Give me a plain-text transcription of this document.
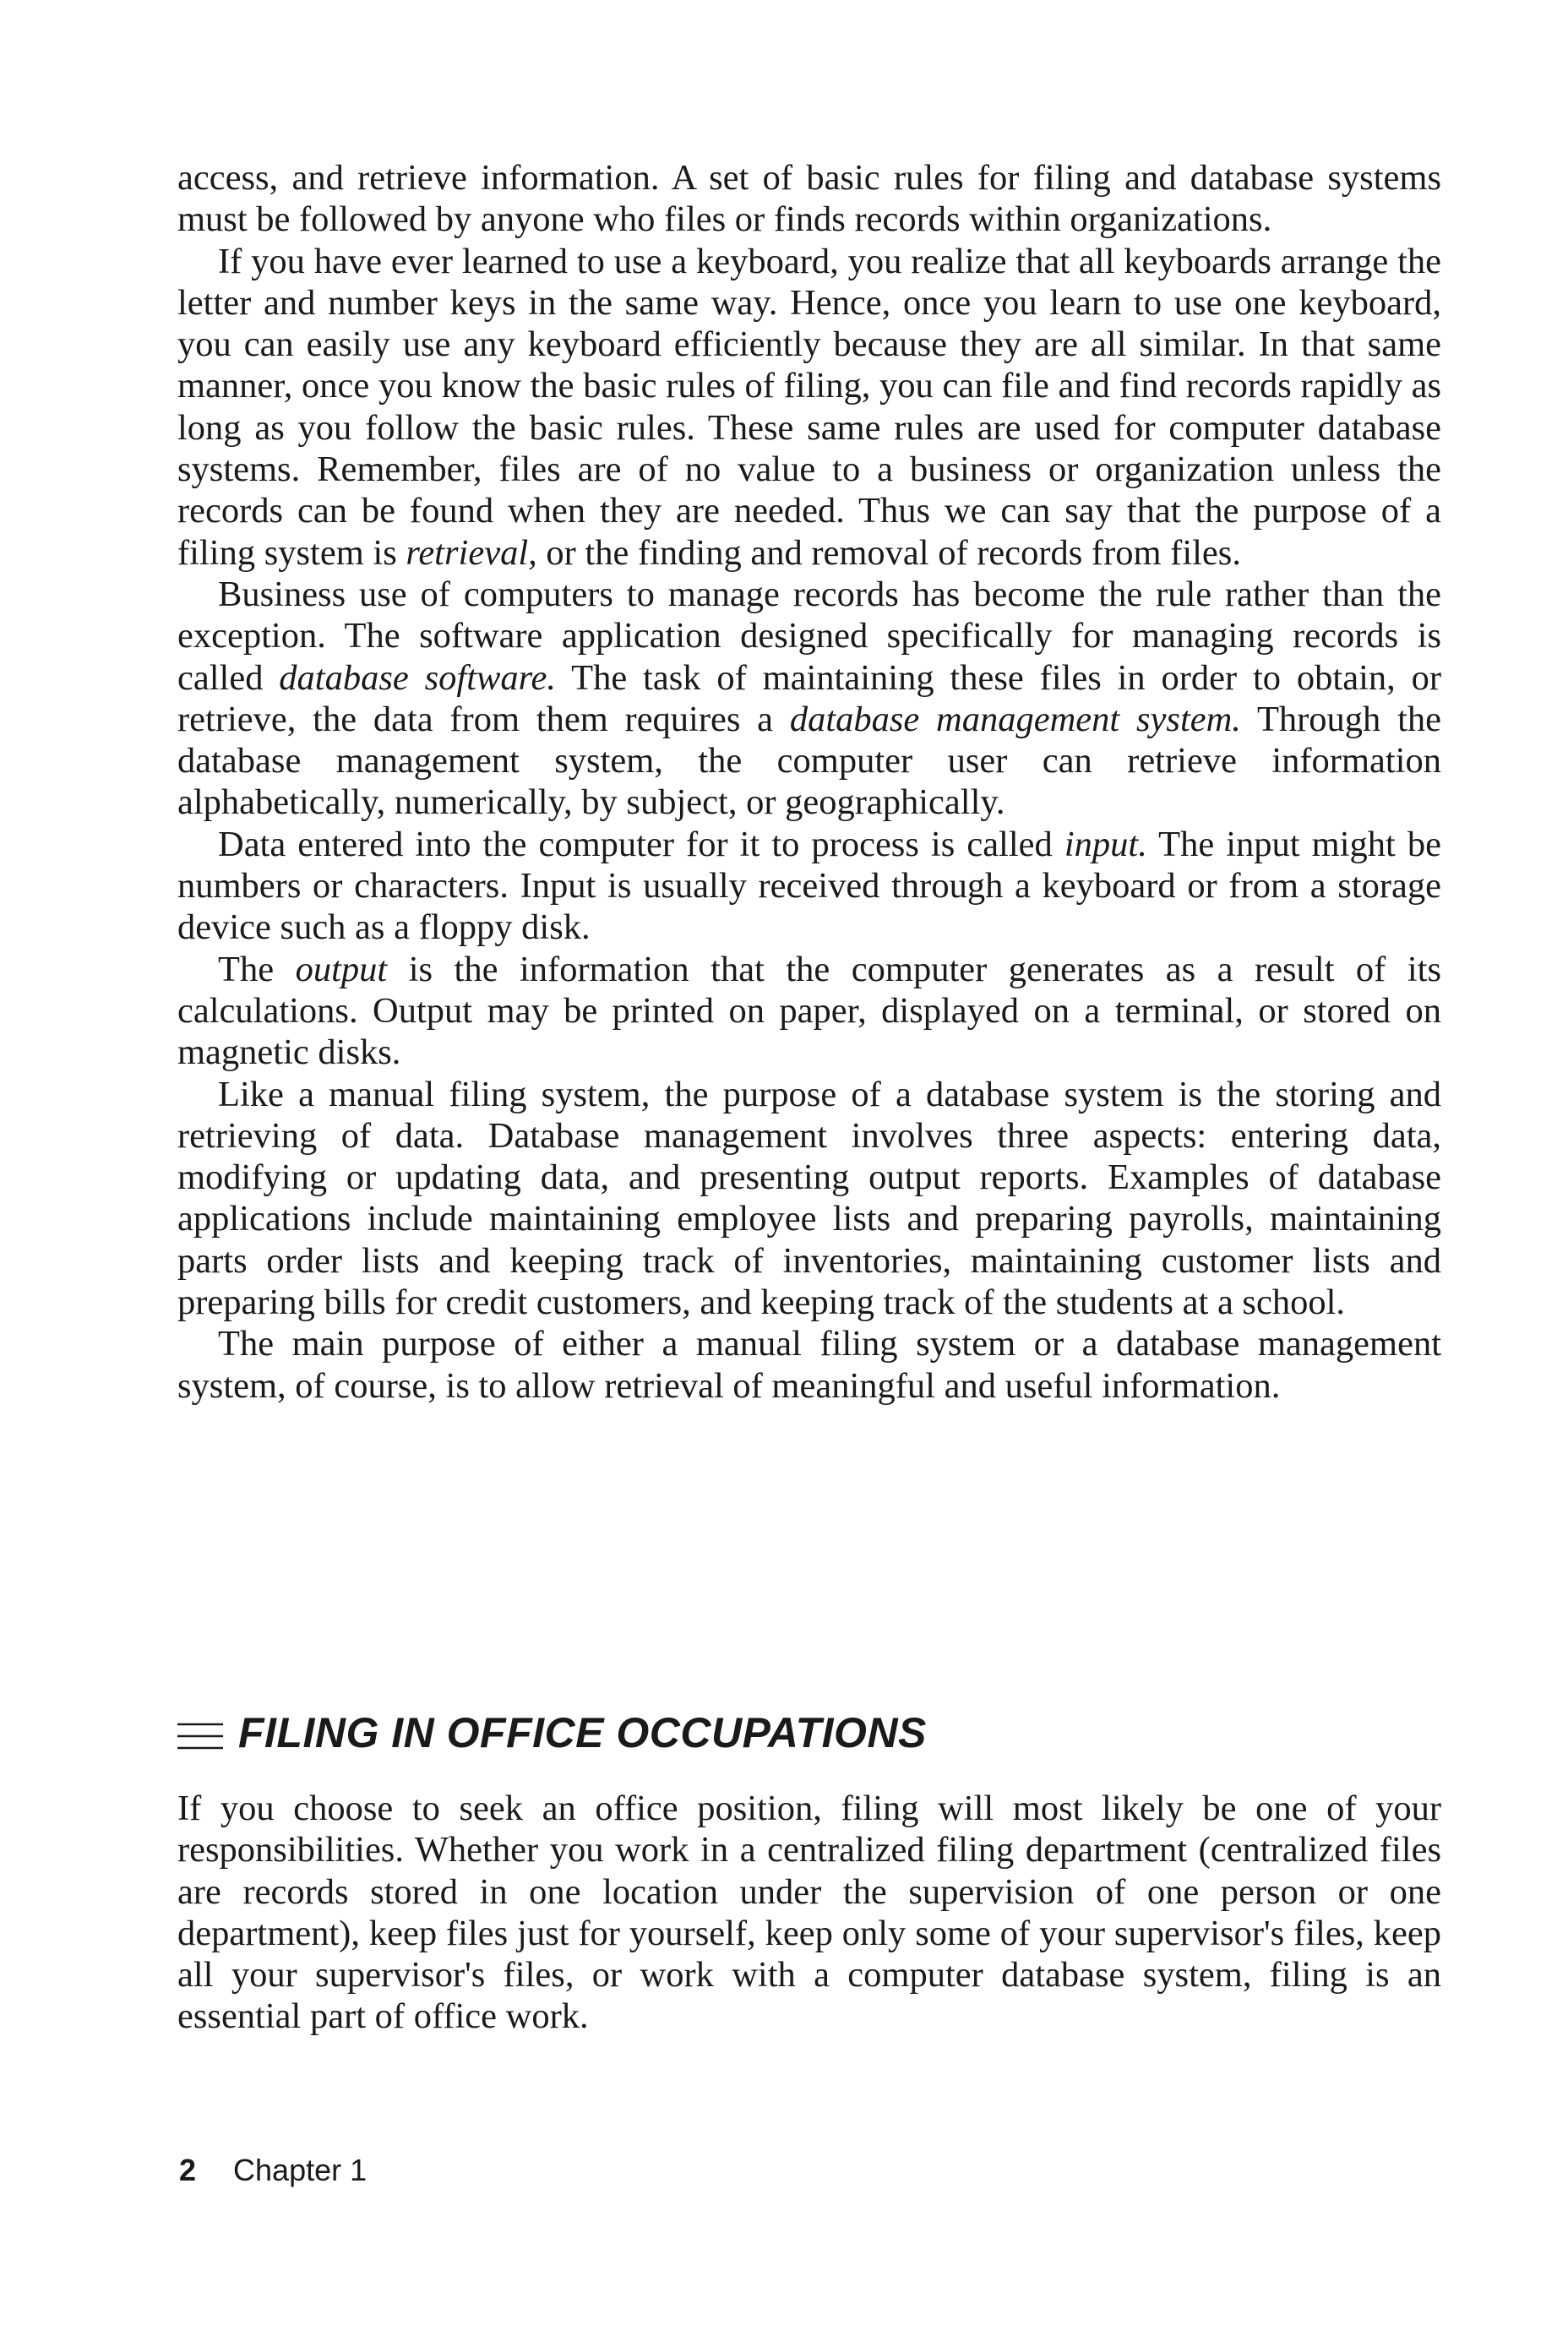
access, and retrieve information. A set of basic rules for filing and database systems must be followed by anyone who files or finds records within organizations.

If you have ever learned to use a keyboard, you realize that all keyboards arrange the letter and number keys in the same way. Hence, once you learn to use one keyboard, you can easily use any keyboard efficiently because they are all similar. In that same manner, once you know the basic rules of filing, you can file and find records rapidly as long as you follow the basic rules. These same rules are used for computer database systems. Remember, files are of no value to a business or organization unless the records can be found when they are needed. Thus we can say that the purpose of a filing system is retrieval, or the finding and removal of records from files.

Business use of computers to manage records has become the rule rather than the exception. The software application designed specifically for managing records is called database software. The task of maintaining these files in order to obtain, or retrieve, the data from them requires a database management system. Through the database management system, the computer user can retrieve information alphabetically, numerically, by subject, or geographically.

Data entered into the computer for it to process is called input. The input might be numbers or characters. Input is usually received through a keyboard or from a storage device such as a floppy disk.

The output is the information that the computer generates as a result of its calculations. Output may be printed on paper, displayed on a terminal, or stored on magnetic disks.

Like a manual filing system, the purpose of a database system is the storing and retrieving of data. Database management involves three aspects: entering data, modifying or updating data, and presenting output reports. Examples of database applications include maintaining employee lists and preparing payrolls, maintaining parts order lists and keeping track of inventories, maintaining customer lists and preparing bills for credit customers, and keeping track of the students at a school.

The main purpose of either a manual filing system or a database management system, of course, is to allow retrieval of meaningful and useful information.

FILING IN OFFICE OCCUPATIONS

If you choose to seek an office position, filing will most likely be one of your responsibilities. Whether you work in a centralized filing department (centralized files are records stored in one location under the supervision of one person or one department), keep files just for yourself, keep only some of your supervisor's files, keep all your supervisor's files, or work with a computer database system, filing is an essential part of office work.

2 Chapter 1
